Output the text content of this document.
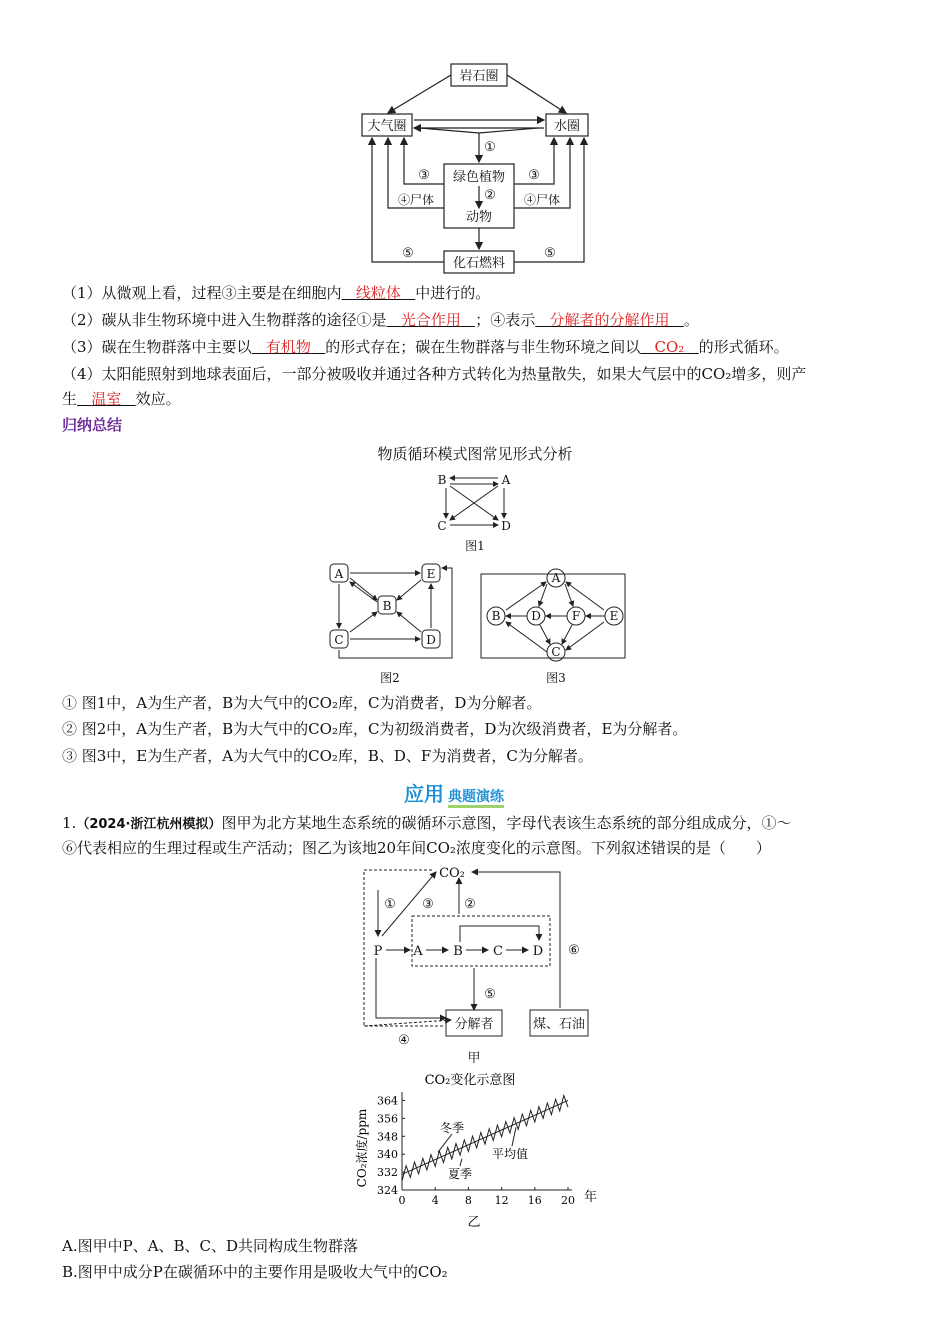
岩石圈
大气圈	水圈
绿色植物
动物
化石燃料
①
②
③	③
④尸体	④尸体
⑤	⑤
（1）从微观上看，过程③主要是在细胞内 线粒体 中进行的。
（2）碳从非生物环境中进入生物群落的途径①是 光合作用 ；④表示 分解者的分解作用 。
（3）碳在生物群落中主要以 有机物 的形式存在；碳在生物群落与非生物环境之间以 CO₂ 的形式循环。
（4）太阳能照射到地球表面后，一部分被吸收并通过各种方式转化为热量散失，如果大气层中的CO₂增多，则产
生 温室 效应。
归纳总结
物质循环模式图常见形式分析
B	A
C	D
图1
A	E
B
C	D
图2
A
B	D	F E
C
图3
① 图1中，A为生产者，B为大气中的CO₂库，C为消费者，D为分解者。
② 图2中，A为生产者，B为大气中的CO₂库，C为初级消费者，D为次级消费者，E为分解者。
③ 图3中，E为生产者，A为大气中的CO₂库，B、D、F为消费者，C为分解者。
应用 典题演练
1.（2024·浙江杭州模拟）图甲为北方某地生态系统的碳循环示意图，字母代表该生态系统的部分组成成分，①～
⑥代表相应的生理过程或生产活动；图乙为该地20年间CO₂浓度变化的示意图。下列叙述错误的是（　　）
CO₂
P A B C D
分解者	煤、石油
① ③ ②
④
⑤
⑥
甲
CO₂变化示意图
CO₂浓度/ppm
年
冬季
夏季
平均值
乙
324
332
340
348
356
364
0 4 8 12 16 20
A.图甲中P、A、B、C、D共同构成生物群落
B.图甲中成分P在碳循环中的主要作用是吸收大气中的CO₂
